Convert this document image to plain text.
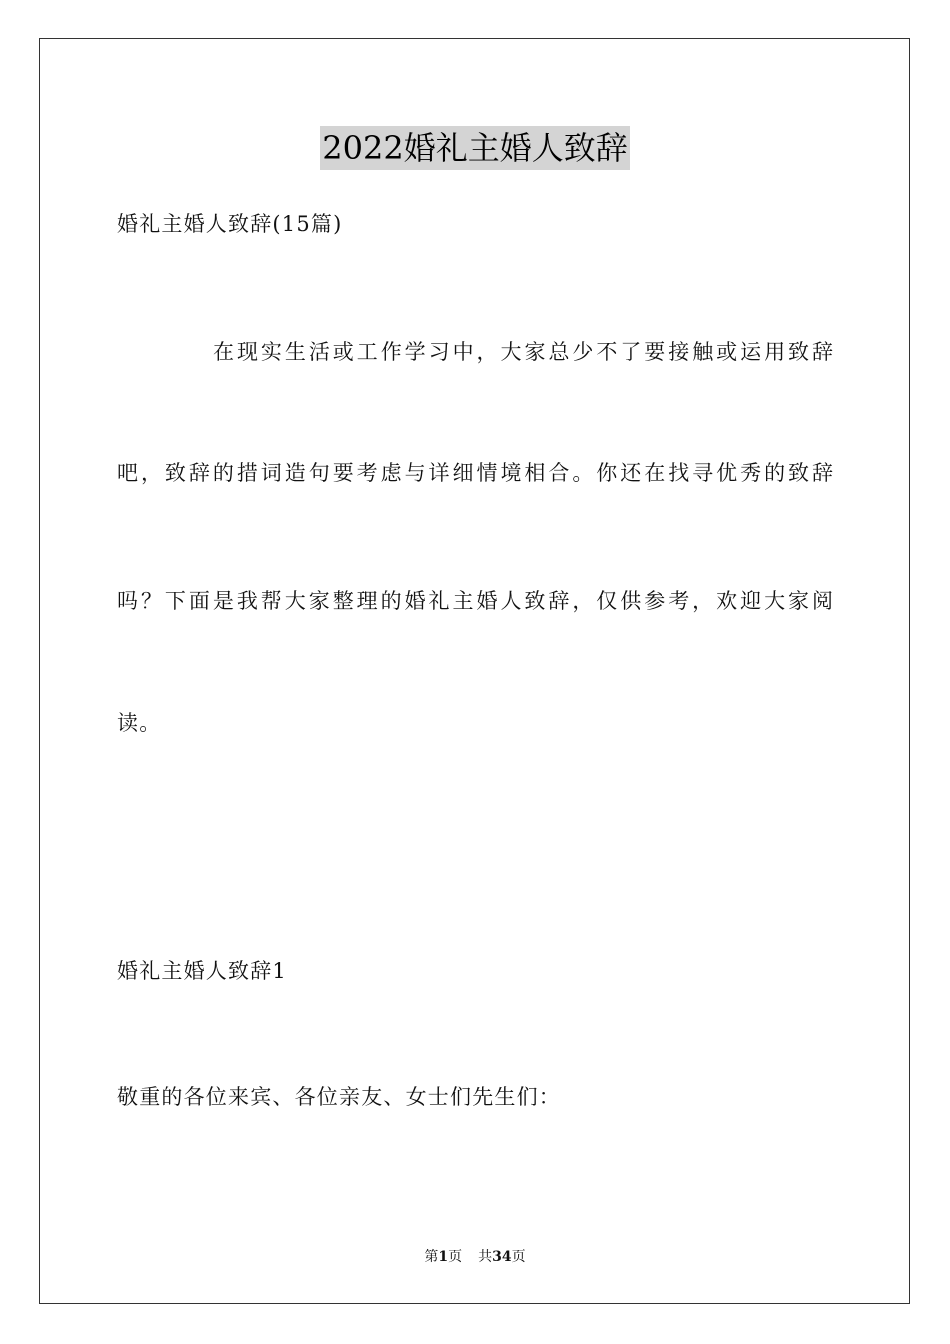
2022婚礼主婚人致辞
婚礼主婚人致辞(15篇)
在现实生活或工作学习中，大家总少不了要接触或运用致辞
吧，致辞的措词造句要考虑与详细情境相合。你还在找寻优秀的致辞
吗？下面是我帮大家整理的婚礼主婚人致辞，仅供参考，欢迎大家阅
读。
婚礼主婚人致辞1
敬重的各位来宾、各位亲友、女士们先生们：
第1页 共34页
